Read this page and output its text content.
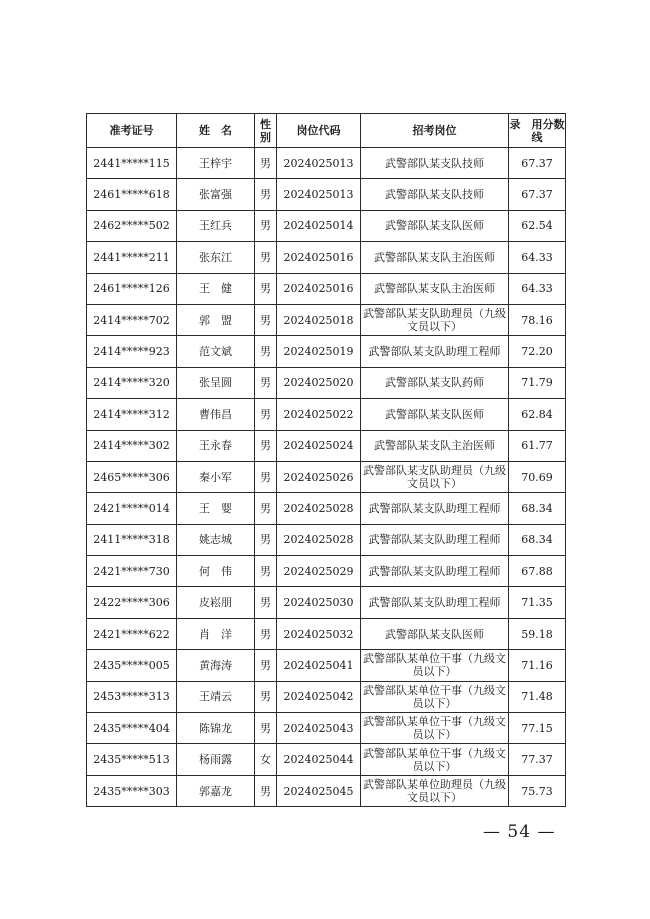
准考证号	姓　名	性别	岗位代码	招考岗位	录　用分数线
2441*****115	王梓宇	男	2024025013	武警部队某支队技师	67.37
2461*****618	张富强	男	2024025013	武警部队某支队技师	67.37
2462*****502	王红兵	男	2024025014	武警部队某支队医师	62.54
2441*****211	张东江	男	2024025016	武警部队某支队主治医师	64.33
2461*****126	王　健	男	2024025016	武警部队某支队主治医师	64.33
2414*****702	郭　盟	男	2024025018	武警部队某支队助理员（九级文员以下）	78.16
2414*****923	范文斌	男	2024025019	武警部队某支队助理工程师	72.20
2414*****320	张呈圆	男	2024025020	武警部队某支队药师	71.79
2414*****312	曹伟昌	男	2024025022	武警部队某支队医师	62.84
2414*****302	王永春	男	2024025024	武警部队某支队主治医师	61.77
2465*****306	秦小军	男	2024025026	武警部队某支队助理员（九级文员以下）	70.69
2421*****014	王　婴	男	2024025028	武警部队某支队助理工程师	68.34
2411*****318	姚志城	男	2024025028	武警部队某支队助理工程师	68.34
2421*****730	何　伟	男	2024025029	武警部队某支队助理工程师	67.88
2422*****306	皮崧朋	男	2024025030	武警部队某支队助理工程师	71.35
2421*****622	肖　洋	男	2024025032	武警部队某支队医师	59.18
2435*****005	黄海涛	男	2024025041	武警部队某单位干事（九级文员以下）	71.16
2453*****313	王靖云	男	2024025042	武警部队某单位干事（九级文员以下）	71.48
2435*****404	陈锦龙	男	2024025043	武警部队某单位干事（九级文员以下）	77.15
2435*****513	杨雨露	女	2024025044	武警部队某单位干事（九级文员以下）	77.37
2435*****303	郭嘉龙	男	2024025045	武警部队某单位助理员（九级文员以下）	75.73
— 54 —
